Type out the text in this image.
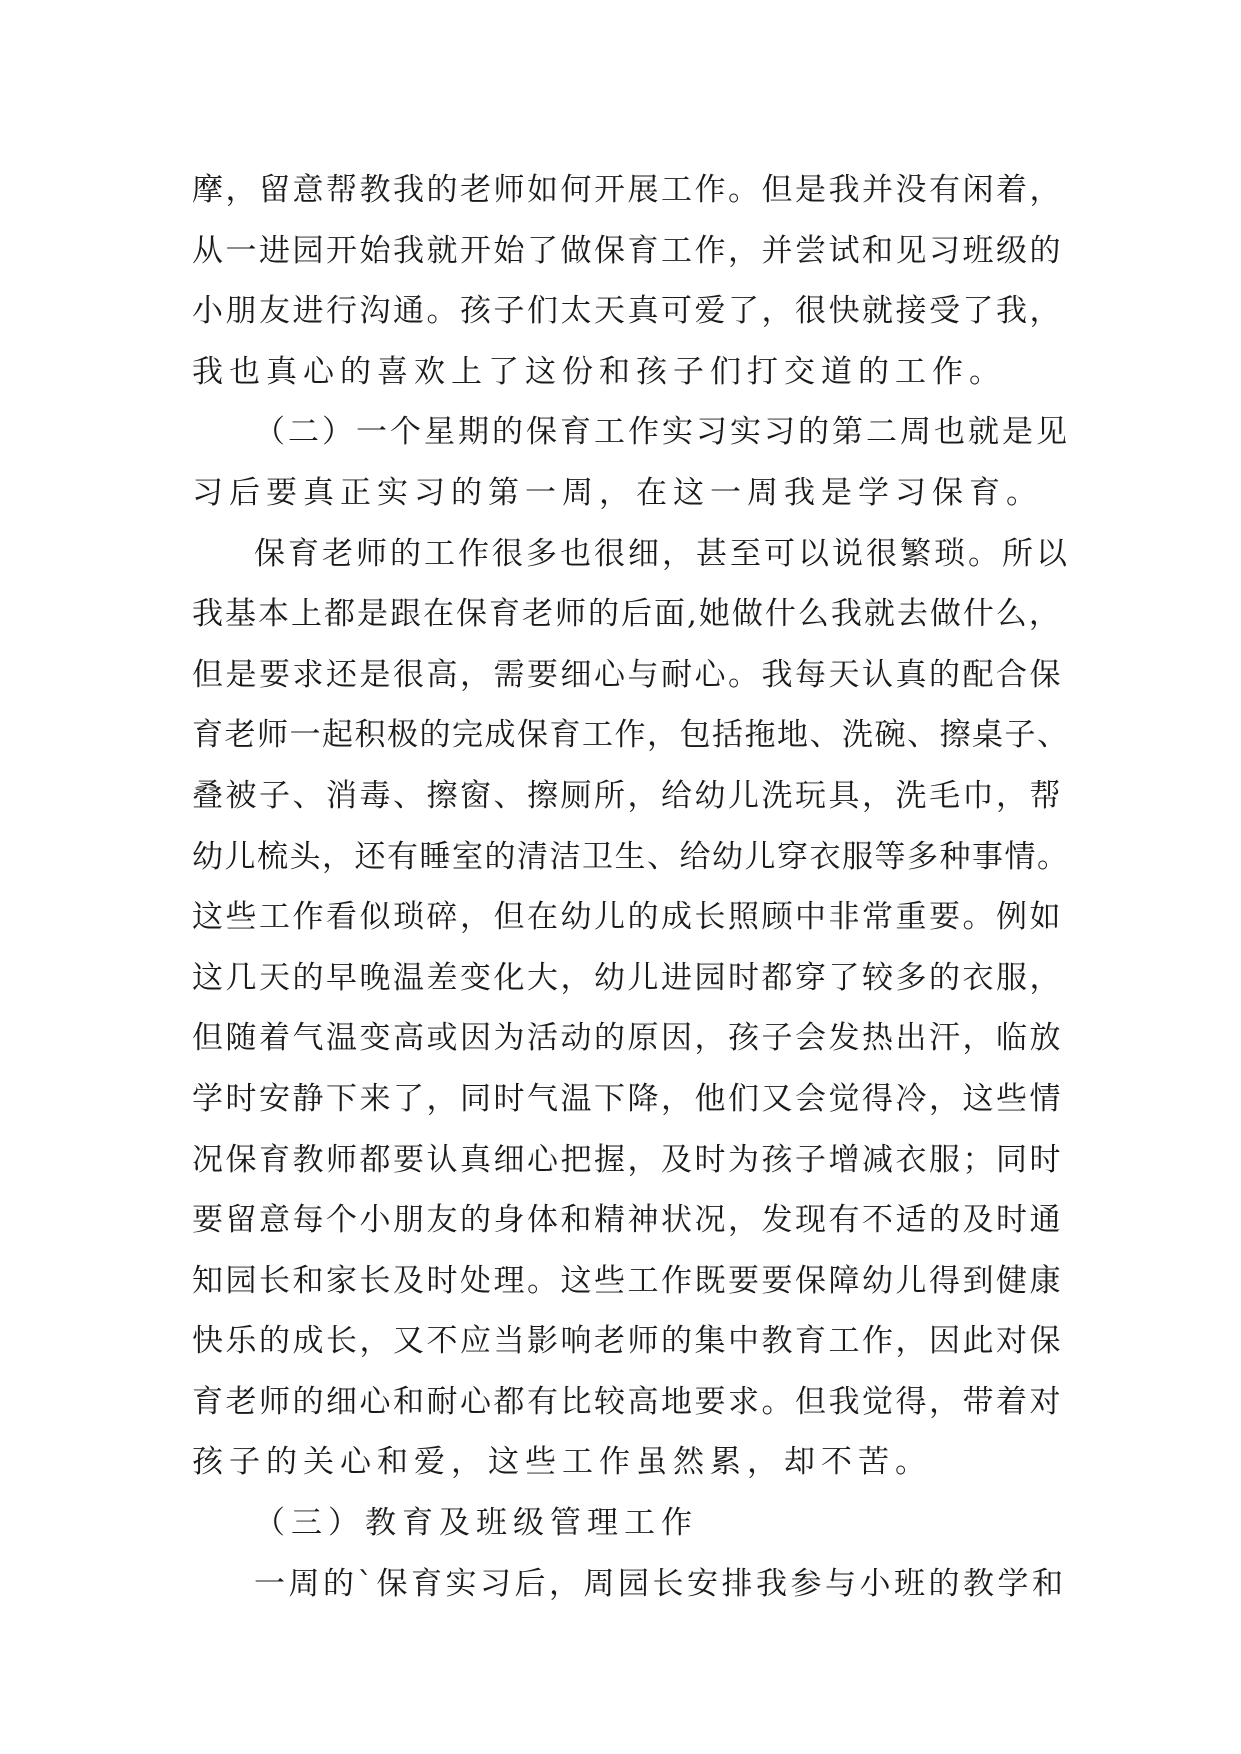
摩，留意帮教我的老师如何开展工作。但是我并没有闲着，
从一进园开始我就开始了做保育工作，并尝试和见习班级的
小朋友进行沟通。孩子们太天真可爱了，很快就接受了我，
我也真心的喜欢上了这份和孩子们打交道的工作。
（二）一个星期的保育工作实习实习的第二周也就是见
习后要真正实习的第一周，在这一周我是学习保育。
保育老师的工作很多也很细，甚至可以说很繁琐。所以
我基本上都是跟在保育老师的后面,她做什么我就去做什么，
但是要求还是很高，需要细心与耐心。我每天认真的配合保
育老师一起积极的完成保育工作，包括拖地、洗碗、擦桌子、
叠被子、消毒、擦窗、擦厕所，给幼儿洗玩具，洗毛巾，帮
幼儿梳头，还有睡室的清洁卫生、给幼儿穿衣服等多种事情。
这些工作看似琐碎，但在幼儿的成长照顾中非常重要。例如
这几天的早晚温差变化大，幼儿进园时都穿了较多的衣服，
但随着气温变高或因为活动的原因，孩子会发热出汗，临放
学时安静下来了，同时气温下降，他们又会觉得冷，这些情
况保育教师都要认真细心把握，及时为孩子增减衣服；同时
要留意每个小朋友的身体和精神状况，发现有不适的及时通
知园长和家长及时处理。这些工作既要要保障幼儿得到健康
快乐的成长，又不应当影响老师的集中教育工作，因此对保
育老师的细心和耐心都有比较高地要求。但我觉得，带着对
孩子的关心和爱，这些工作虽然累，却不苦。
（三）教育及班级管理工作
一周的`保育实习后，周园长安排我参与小班的教学和
